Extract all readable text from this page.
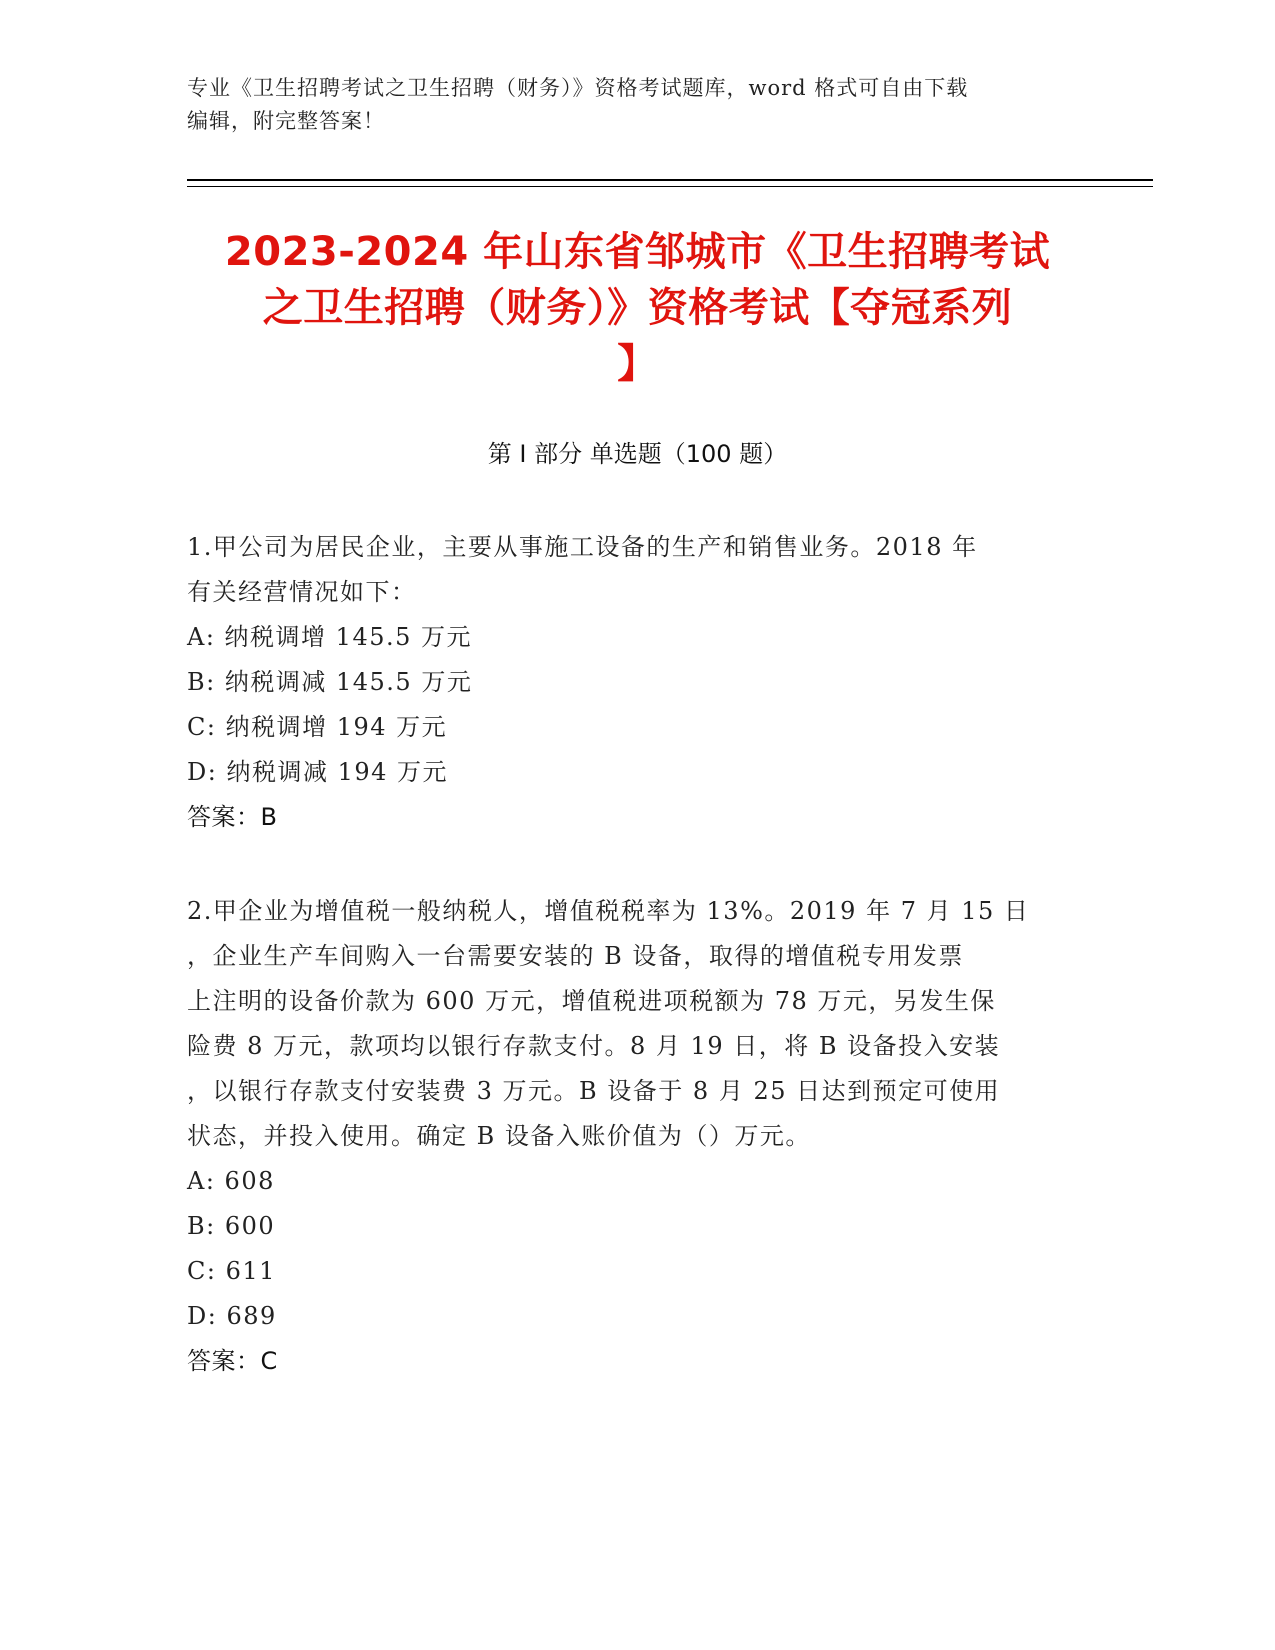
专业《卫生招聘考试之卫生招聘（财务）》资格考试题库，word 格式可自由下载
编辑，附完整答案！
2023-2024 年山东省邹城市《卫生招聘考试
之卫生招聘（财务）》资格考试【夺冠系列
】
第 I 部分 单选题（100 题）
1.甲公司为居民企业，主要从事施工设备的生产和销售业务。2018 年
有关经营情况如下：
A: 纳税调增 145.5 万元
B: 纳税调减 145.5 万元
C: 纳税调增 194 万元
D: 纳税调减 194 万元
答案：B
2.甲企业为增值税一般纳税人，增值税税率为 13%。2019 年 7 月 15 日
，企业生产车间购入一台需要安装的 B 设备，取得的增值税专用发票
上注明的设备价款为 600 万元，增值税进项税额为 78 万元，另发生保
险费 8 万元，款项均以银行存款支付。8 月 19 日，将 B 设备投入安装
，以银行存款支付安装费 3 万元。B 设备于 8 月 25 日达到预定可使用
状态，并投入使用。确定 B 设备入账价值为（）万元。
A: 608
B: 600
C: 611
D: 689
答案：C
